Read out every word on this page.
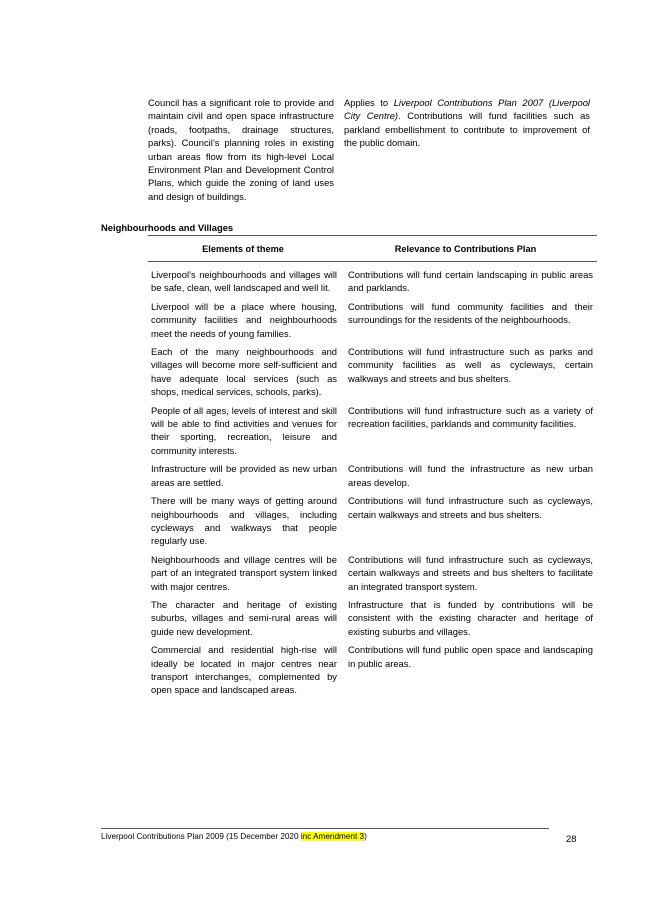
Council has a significant role to provide and maintain civil and open space infrastructure (roads, footpaths, drainage structures, parks). Council’s planning roles in existing urban areas flow from its high-level Local Environment Plan and Development Control Plans, which guide the zoning of land uses and design of buildings.
Applies to Liverpool Contributions Plan 2007 (Liverpool City Centre). Contributions will fund facilities such as parkland embellishment to contribute to improvement of the public domain.
Neighbourhoods and Villages
Elements of theme	Relevance to Contributions Plan
Liverpool’s neighbourhoods and villages will be safe, clean, well landscaped and well lit.
Contributions will fund certain landscaping in public areas and parklands.
Liverpool will be a place where housing, community facilities and neighbourhoods meet the needs of young families.
Contributions will fund community facilities and their surroundings for the residents of the neighbourhoods.
Each of the many neighbourhoods and villages will become more self-sufficient and have adequate local services (such as shops, medical services, schools, parks).
Contributions will fund infrastructure such as parks and community facilities as well as cycleways, certain walkways and streets and bus shelters.
People of all ages, levels of interest and skill will be able to find activities and venues for their sporting, recreation, leisure and community interests.
Contributions will fund infrastructure such as a variety of recreation facilities, parklands and community facilities.
Infrastructure will be provided as new urban areas are settled.
Contributions will fund the infrastructure as new urban areas develop.
There will be many ways of getting around neighbourhoods and villages, including cycleways and walkways that people regularly use.
Contributions will fund infrastructure such as cycleways, certain walkways and streets and bus shelters.
Neighbourhoods and village centres will be part of an integrated transport system linked with major centres.
Contributions will fund infrastructure such as cycleways, certain walkways and streets and bus shelters to facilitate an integrated transport system.
The character and heritage of existing suburbs, villages and semi-rural areas will guide new development.
Infrastructure that is funded by contributions will be consistent with the existing character and heritage of existing suburbs and villages.
Commercial and residential high-rise will ideally be located in major centres near transport interchanges, complemented by open space and landscaped areas.
Contributions will fund public open space and landscaping in public areas.
Liverpool Contributions Plan 2009 (15 December 2020 inc Amendment 3)	28
